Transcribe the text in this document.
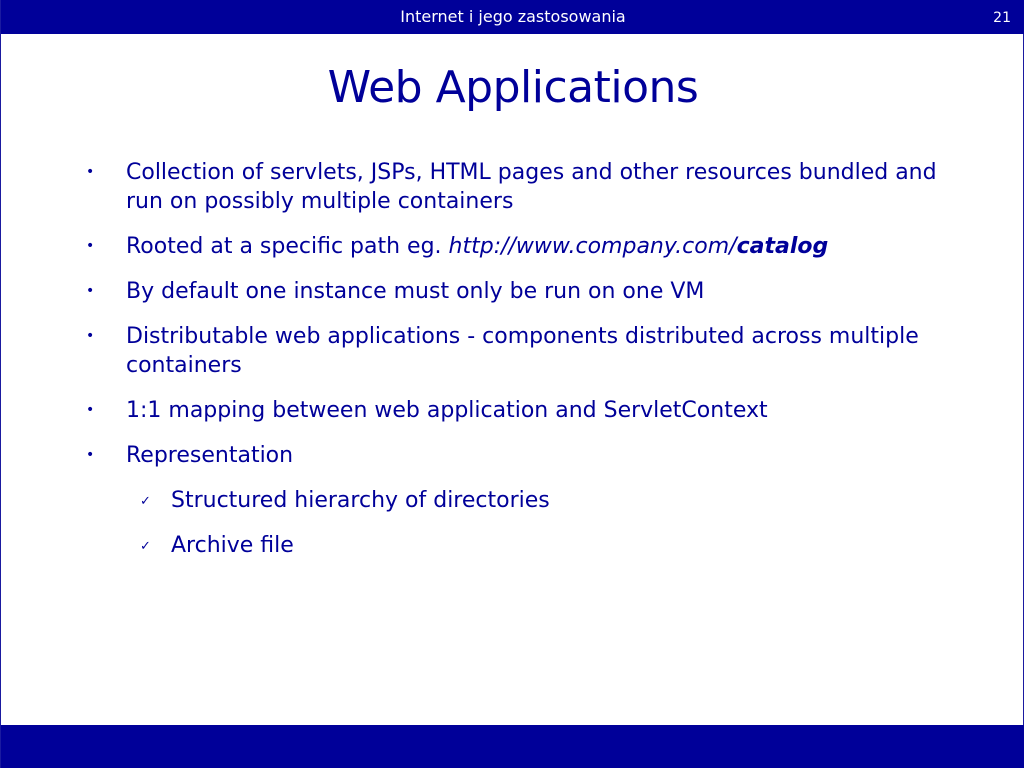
Internet i jego zastosowania	21
Web Applications
• Collection of servlets, JSPs, HTML pages and other resources bundled and run on possibly multiple containers
• Rooted at a specific path eg. http://www.company.com/catalog
• By default one instance must only be run on one VM
• Distributable web applications - components distributed across multiple containers
• 1:1 mapping between web application and ServletContext
• Representation
✓ Structured hierarchy of directories
✓ Archive file
